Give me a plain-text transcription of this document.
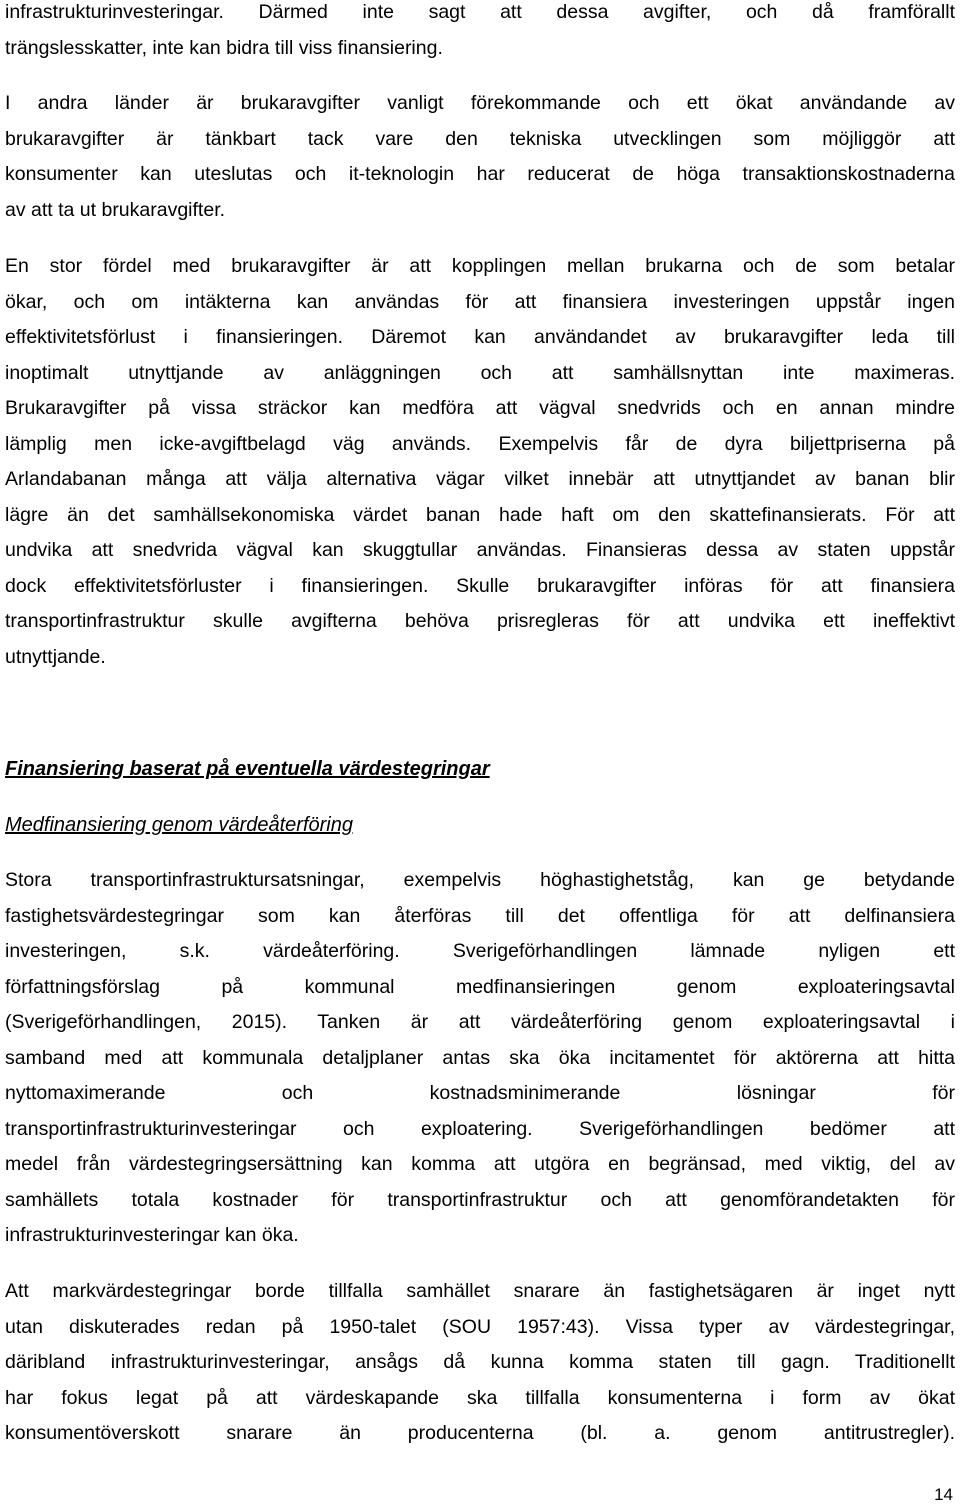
infrastrukturinvesteringar. Därmed inte sagt att dessa avgifter, och då framförallt
trängslesskatter, inte kan bidra till viss finansiering.
I andra länder är brukaravgifter vanligt förekommande och ett ökat användande av
brukaravgifter är tänkbart tack vare den tekniska utvecklingen som möjliggör att
konsumenter kan uteslutas och it-teknologin har reducerat de höga transaktionskostnaderna
av att ta ut brukaravgifter.
En stor fördel med brukaravgifter är att kopplingen mellan brukarna och de som betalar
ökar, och om intäkterna kan användas för att finansiera investeringen uppstår ingen
effektivitetsförlust i finansieringen. Däremot kan användandet av brukaravgifter leda till
inoptimalt utnyttjande av anläggningen och att samhällsnyttan inte maximeras.
Brukaravgifter på vissa sträckor kan medföra att vägval snedvrids och en annan mindre
lämplig men icke-avgiftbelagd väg används. Exempelvis får de dyra biljettpriserna på
Arlandabanan många att välja alternativa vägar vilket innebär att utnyttjandet av banan blir
lägre än det samhällsekonomiska värdet banan hade haft om den skattefinansierats. För att
undvika att snedvrida vägval kan skuggtullar användas. Finansieras dessa av staten uppstår
dock effektivitetsförluster i finansieringen. Skulle brukaravgifter införas för att finansiera
transportinfrastruktur skulle avgifterna behöva prisregleras för att undvika ett ineffektivt
utnyttjande.
Finansiering baserat på eventuella värdestegringar
Medfinansiering genom värdeåterföring
Stora transportinfrastruktursatsningar, exempelvis höghastighetståg, kan ge betydande
fastighetsvärdestegringar som kan återföras till det offentliga för att delfinansiera
investeringen, s.k. värdeåterföring. Sverigeförhandlingen lämnade nyligen ett
författningsförslag på kommunal medfinansieringen genom exploateringsavtal
(Sverigeförhandlingen, 2015). Tanken är att värdeåterföring genom exploateringsavtal i
samband med att kommunala detaljplaner antas ska öka incitamentet för aktörerna att hitta
nyttomaximerande och kostnadsminimerande lösningar för
transportinfrastrukturinvesteringar och exploatering. Sverigeförhandlingen bedömer att
medel från värdestegringsersättning kan komma att utgöra en begränsad, med viktig, del av
samhällets totala kostnader för transportinfrastruktur och att genomförandetakten för
infrastrukturinvesteringar kan öka.
Att markvärdestegringar borde tillfalla samhället snarare än fastighetsägaren är inget nytt
utan diskuterades redan på 1950-talet (SOU 1957:43). Vissa typer av värdestegringar,
däribland infrastrukturinvesteringar, ansågs då kunna komma staten till gagn. Traditionellt
har fokus legat på att värdeskapande ska tillfalla konsumenterna i form av ökat
konsumentöverskott snarare än producenterna (bl. a. genom antitrustregler).
14
